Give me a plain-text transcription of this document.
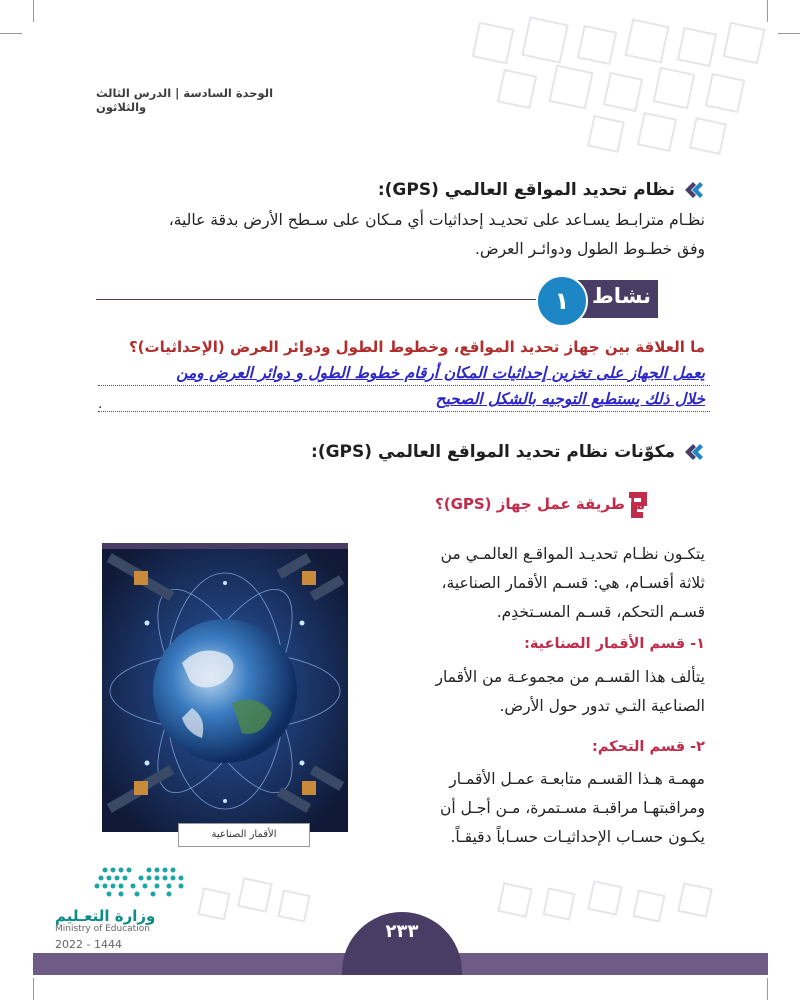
الوحدة السادسة | الدرس الثالث والثلاثون
نظام تحديد المواقع العالمي (GPS):
نظـام مترابـط يسـاعد على تحديـد إحداثيات أي مـكان على سـطح الأرض بدقة عالية،
وفق خطـوط الطول ودوائـر العرض.
نشاط
١
ما العلاقة بين جهاز تحديد المواقع، وخطوط الطول ودوائر العرض (الإحداثيات)؟
يعمل الجهاز على تخزين إحداثيات المكان أرقام خطوط الطول و دوائر العرض ومن
خلال ذلك يستطيع التوجيه بالشكل الصحيح
.
مكوّنات نظام تحديد المواقع العالمي (GPS):
ما طريقة عمل جهاز (GPS)؟
يتكـون نظـام تحديـد المواقـع العالمـي من
ثلاثة أقسـام، هي: قسـم الأقمار الصناعية،
قسـم التحكم، قسـم المسـتخدِم.
١- قسم الأقمار الصناعية:
يتألف هذا القسـم من مجموعـة من الأقمار
الصناعية التـي تدور حول الأرض.
٢- قسم التحكم:
مهمـة هـذا القسـم متابعـة عمـل الأقمـار
ومراقبتهـا مراقبـة مسـتمرة، مـن أجـل أن
يكـون حسـاب الإحداثيـات حسـاباً دقيقـاً.
الأقمار الصناعية
٢٣٣
وزارة التعـليم
Ministry of Education
2022 - 1444
